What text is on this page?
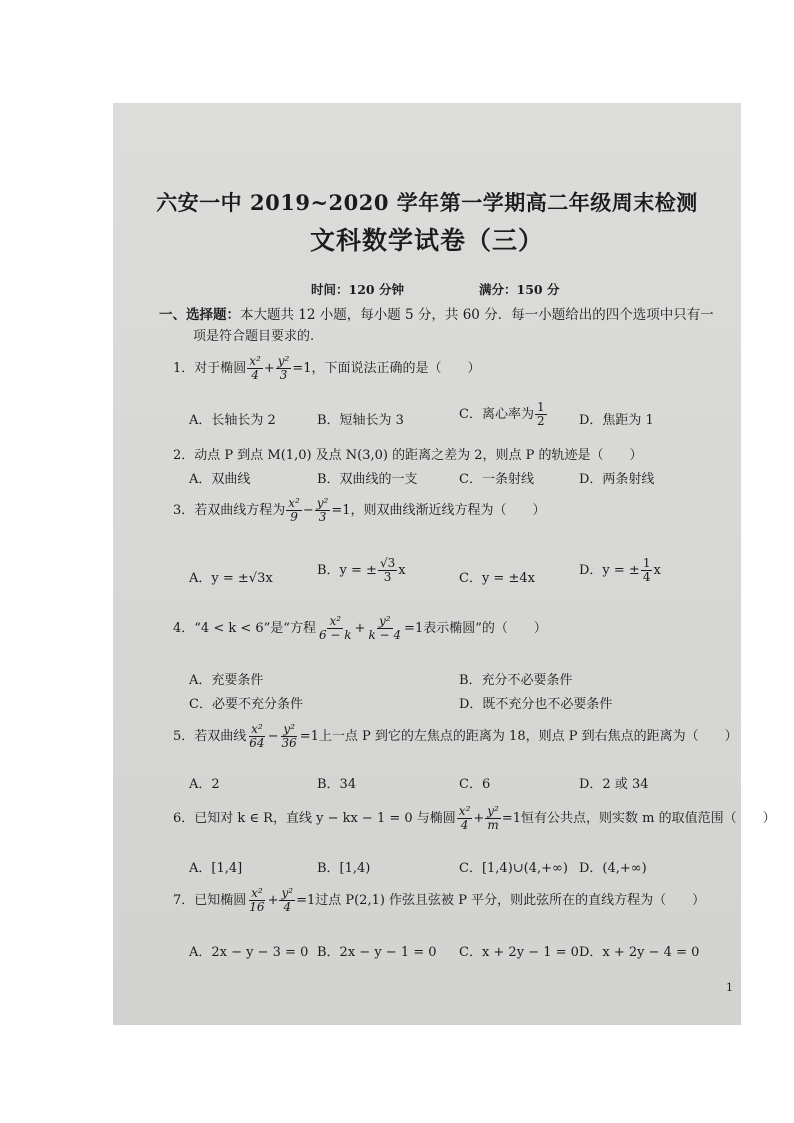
六安一中 2019~2020 学年第一学期高二年级周末检测
文科数学试卷（三）
时间：120 分钟	满分：150 分
一、选择题：本大题共 12 小题，每小题 5 分，共 60 分．每一小题给出的四个选项中只有一
项是符合题目要求的.
1．对于椭圆 $\frac{\text{x²}}{4} + \frac{\text{y²}}{3} =1$，下面说法正确的是（　　）
A．长轴长为 2	B．短轴长为 3	C．离心率为 $\frac{1}{2}$ D．焦距为 1
2．动点 P 到点 M(1,0) 及点 N(3,0) 的距离之差为 2，则点 P 的轨迹是（　　）
A．双曲线	B．双曲线的一支	C．一条射线	D．两条射线
3．若双曲线方程为 $\frac{\text{x²}}{9} - \frac{\text{y²}}{3} =1$，则双曲线渐近线方程为（　　）
A．y = ±√3x
B．y = ± $\frac{√3}{3}$ x
C．y = ±4x
D．y = ± $\frac{1}{4}$ x
4．“4 < k < 6”是“方程 $\frac{\text{x²}}{6 - k} + \frac{\text{y²}}{k - 4} =1$表示椭圆”的（　　）
A．充要条件	B．充分不必要条件
C．必要不充分条件	D．既不充分也不必要条件
5．若双曲线 $\frac{\text{x²}}{64} - \frac{\text{y²}}{36} =1$上一点 P 到它的左焦点的距离为 18，则点 P 到右焦点的距离为（　　）
A．2	B．34	C．6	D．2 或 34
6．已知对 k ∈ R，直线 y − kx − 1 = 0 与椭圆 $\frac{\text{x²}}{4} + \frac{\text{y²}}{m} =1$恒有公共点，则实数 m 的取值范围（　　）
A．[1,4]	B．[1,4)	C．[1,4)∪(4,+∞) D．(4,+∞)
7．已知椭圆 $\frac{\text{x²}}{16} + \frac{\text{y²}}{4} =1$过点 P(2,1) 作弦且弦被 P 平分，则此弦所在的直线方程为（　　）
A．2x − y − 3 = 0 B．2x − y − 1 = 0 C．x + 2y − 1 = 0 D．x + 2y − 4 = 0
1
